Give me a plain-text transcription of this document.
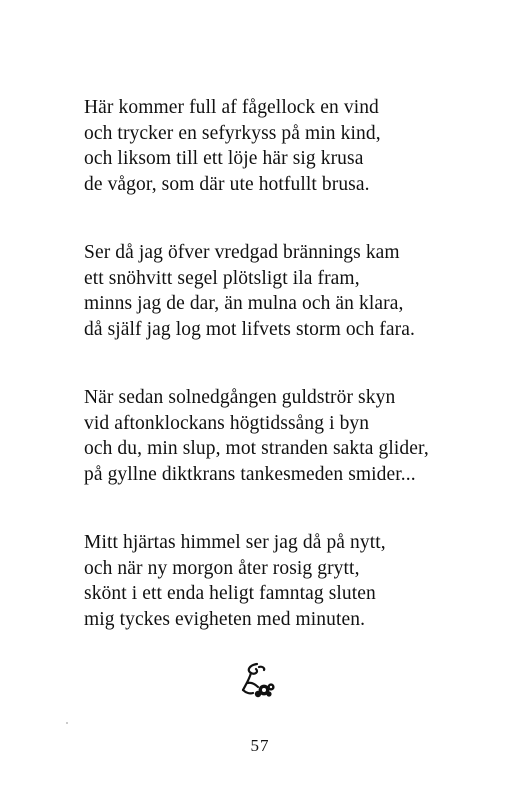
Här kommer full af fågellock en vind
och trycker en sefyrkyss på min kind,
och liksom till ett löje här sig krusa
de vågor, som där ute hotfullt brusa.
Ser då jag öfver vredgad brännings kam
ett snöhvitt segel plötsligt ila fram,
minns jag de dar, än mulna och än klara,
då själf jag log mot lifvets storm och fara.
När sedan solnedgången guldströr skyn
vid aftonklockans högtidssång i byn
och du, min slup, mot stranden sakta glider,
på gyllne diktkrans tankesmeden smider...
Mitt hjärtas himmel ser jag då på nytt,
och när ny morgon åter rosig grytt,
skönt i ett enda heligt famntag sluten
mig tyckes evigheten med minuten.
57
